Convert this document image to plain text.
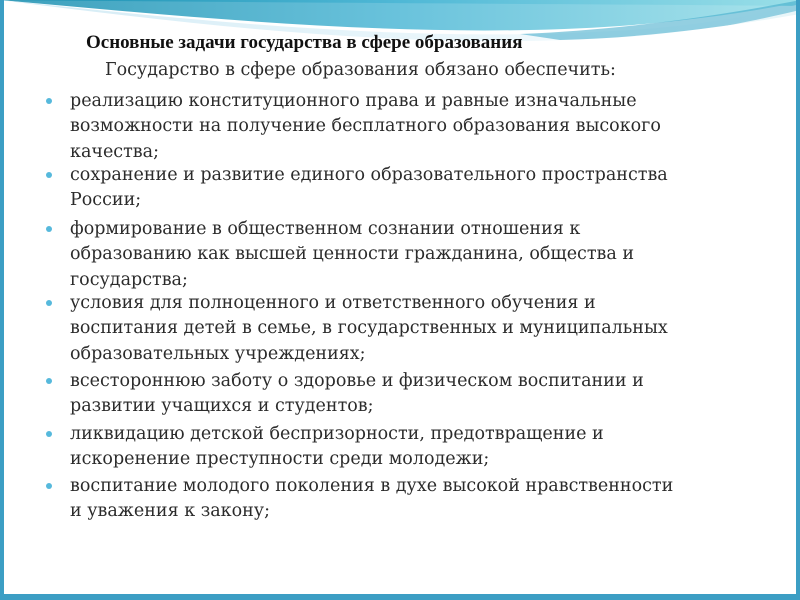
Основные задачи государства в сфере образования

Государство в сфере образования обязано обеспечить:

реализацию конституционного права и равные изначальные
возможности на получение бесплатного образования высокого
качества;
сохранение и развитие единого образовательного пространства
России;
формирование в общественном сознании отношения к
образованию как высшей ценности гражданина, общества и
государства;
условия для полноценного и ответственного обучения и
воспитания детей в семье, в государственных и муниципальных
образовательных учреждениях;
всестороннюю заботу о здоровье и физическом воспитании и
развитии учащихся и студентов;
ликвидацию детской беспризорности, предотвращение и
искоренение преступности среди молодежи;
воспитание молодого поколения в духе высокой нравственности
и уважения к закону;
